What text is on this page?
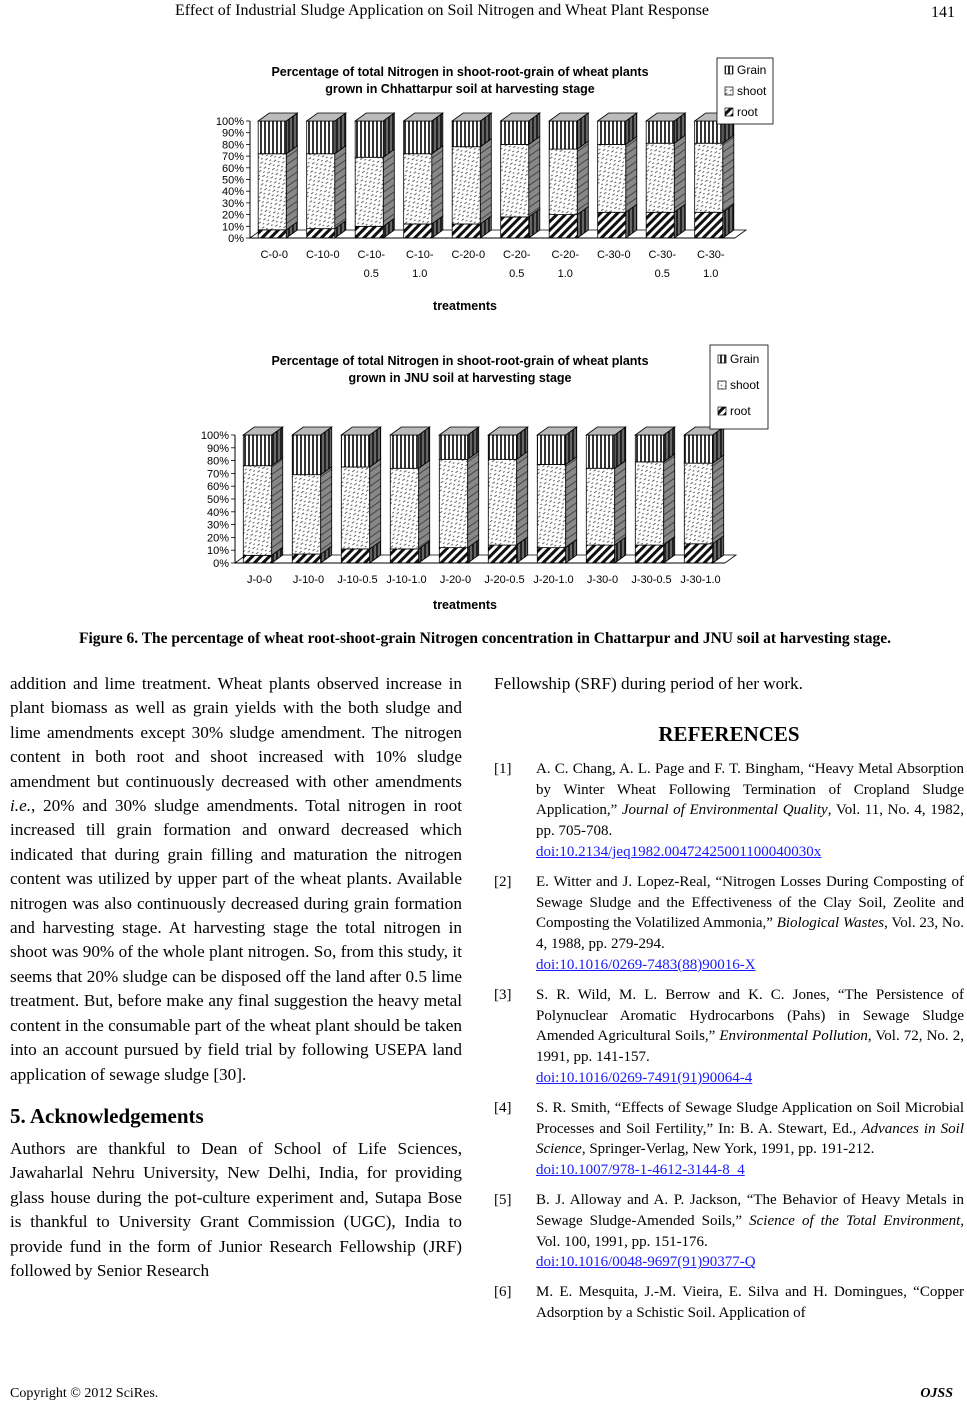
Effect of Industrial Sludge Application on Soil Nitrogen and Wheat Plant Response	141
Percentage of total Nitrogen in shoot-root-grain of wheat plants
grown in Chhattarpur soil at harvesting stage
0%
10%
20%
30%
40%
50%
60%
70%
80%
90%
100%
C-0-0 C-10-0 C-10-
0.5
C-10-
1.0
C-20-0 C-20-
0.5
C-20-
1.0
C-30-0 C-30-
0.5
C-30-
1.0
treatments
Grain
shoot
root
Percentage of total Nitrogen in shoot-root-grain of wheat plants
grown in JNU soil at harvesting stage
0%
10%
20%
30%
40%
50%
60%
70%
80%
90%
100%
J-0-0 J-10-0 J-10-0.5 J-10-1.0 J-20-0 J-20-0.5 J-20-1.0 J-30-0 J-30-0.5 J-30-1.0
treatments
Grain
shoot
root
Figure 6. The percentage of wheat root-shoot-grain Nitrogen concentration in Chattarpur and JNU soil at harvesting stage.

addition and lime treatment. Wheat plants observed increase in plant biomass as well as grain yields with the both sludge and lime amendments except 30% sludge amendment. The nitrogen content in both root and shoot increased with 10% sludge amendment but continuously decreased with other amendments i.e., 20% and 30% sludge amendments. Total nitrogen in root increased till grain formation and onward decreased which indicated that during grain filling and maturation the nitrogen content was utilized by upper part of the wheat plants. Available nitrogen was also continuously decreased during grain formation and harvesting stage. At harvesting stage the total nitrogen in shoot was 90% of the whole plant nitrogen. So, from this study, it seems that 20% sludge can be disposed off the land after 0.5 lime treatment. But, before make any final suggestion the heavy metal content in the consumable part of the wheat plant should be taken into an account pursued by field trial by following USEPA land application of sewage sludge [30].

5. Acknowledgements

Authors are thankful to Dean of School of Life Sciences, Jawaharlal Nehru University, New Delhi, India, for providing glass house during the pot-culture experiment and, Sutapa Bose is thankful to University Grant Commission (UGC), India to provide fund in the form of Junior Research Fellowship (JRF) followed by Senior Research

Fellowship (SRF) during period of her work.

REFERENCES
[1]	A. C. Chang, A. L. Page and F. T. Bingham, “Heavy Metal Absorption by Winter Wheat Following Termination of Cropland Sludge Application,” Journal of Environmental Quality, Vol. 11, No. 4, 1982, pp. 705-708.
doi:10.2134/jeq1982.00472425001100040030x
[2]	E. Witter and J. Lopez-Real, “Nitrogen Losses During Composting of Sewage Sludge and the Effectiveness of the Clay Soil, Zeolite and Composting the Volatilized Ammonia,” Biological Wastes, Vol. 23, No. 4, 1988, pp. 279-294.
doi:10.1016/0269-7483(88)90016-X
[3]	S. R. Wild, M. L. Berrow and K. C. Jones, “The Persistence of Polynuclear Aromatic Hydrocarbons (Pahs) in Sewage Sludge Amended Agricultural Soils,” Environmental Pollution, Vol. 72, No. 2, 1991, pp. 141-157.
doi:10.1016/0269-7491(91)90064-4
[4]	S. R. Smith, “Effects of Sewage Sludge Application on Soil Microbial Processes and Soil Fertility,” In: B. A. Stewart, Ed., Advances in Soil Science, Springer-Verlag, New York, 1991, pp. 191-212.
doi:10.1007/978-1-4612-3144-8_4
[5]	B. J. Alloway and A. P. Jackson, “The Behavior of Heavy Metals in Sewage Sludge-Amended Soils,” Science of the Total Environment, Vol. 100, 1991, pp. 151-176.
doi:10.1016/0048-9697(91)90377-Q
[6]	M. E. Mesquita, J.-M. Vieira, E. Silva and H. Domingues, “Copper Adsorption by a Schistic Soil. Application of
Copyright © 2012 SciRes.	OJSS
